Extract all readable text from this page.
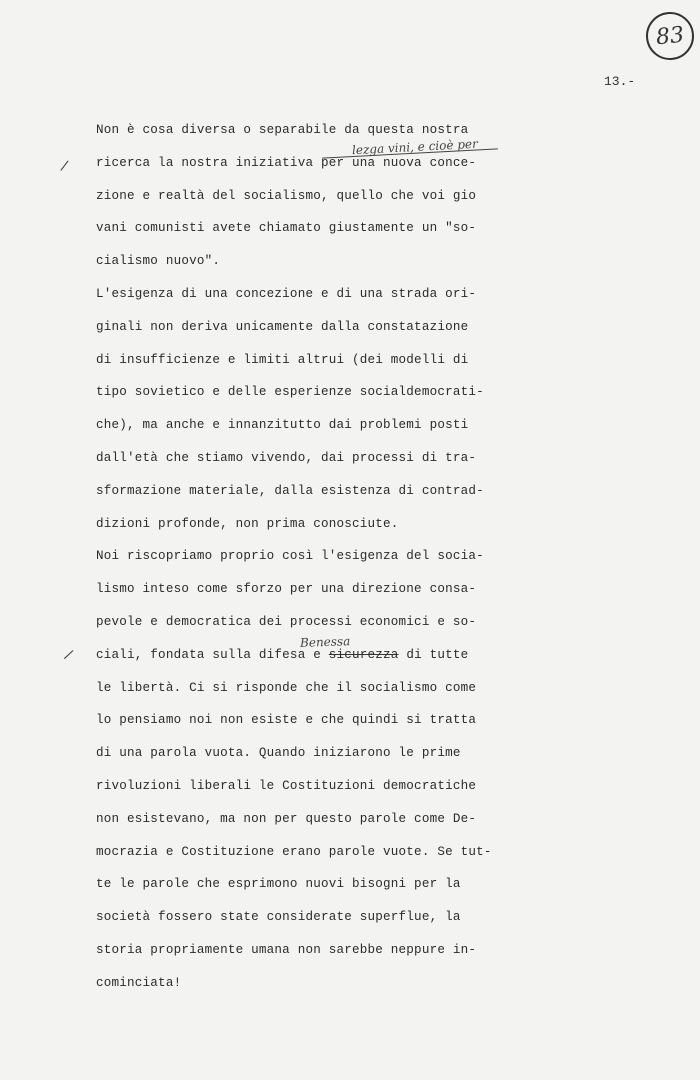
83
13.-
lezga vini, e cioè per
/
Benessa
/
Non è cosa diversa o separabile da questa nostra
ricerca la nostra iniziativa per una nuova conce-
zione e realtà del socialismo, quello che voi gio
vani comunisti avete chiamato giustamente un "so-
cialismo nuovo".
L'esigenza di una concezione e di una strada ori-
ginali non deriva unicamente dalla constatazione
di insufficienze e limiti altrui (dei modelli di
tipo sovietico e delle esperienze socialdemocrati-
che), ma anche e innanzitutto dai problemi posti
dall'età che stiamo vivendo, dai processi di tra-
sformazione materiale, dalla esistenza di contrad-
dizioni profonde, non prima conosciute.
Noi riscopriamo proprio così l'esigenza del socia-
lismo inteso come sforzo per una direzione consa-
pevole e democratica dei processi economici e so-
ciali, fondata sulla difesa e sicurezza di tutte
le libertà. Ci si risponde che il socialismo come
lo pensiamo noi non esiste e che quindi si tratta
di una parola vuota. Quando iniziarono le prime
rivoluzioni liberali le Costituzioni democratiche
non esistevano, ma non per questo parole come De-
mocrazia e Costituzione erano parole vuote. Se tut-
te le parole che esprimono nuovi bisogni per la
società fossero state considerate superflue, la
storia propriamente umana non sarebbe neppure in-
cominciata!
